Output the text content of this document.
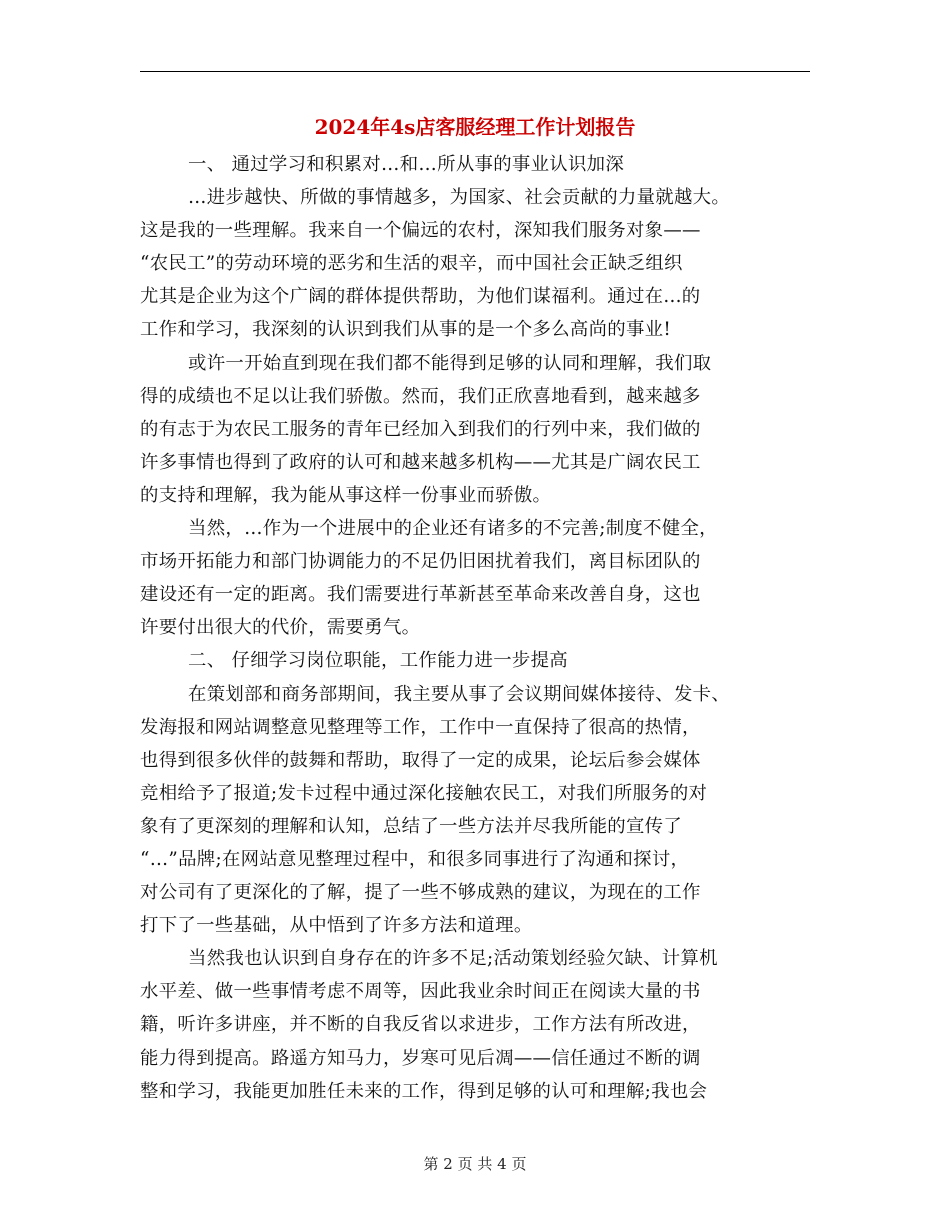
2024年4s店客服经理工作计划报告
一、 通过学习和积累对…和…所从事的事业认识加深
…进步越快、所做的事情越多，为国家、社会贡献的力量就越大。
这是我的一些理解。我来自一个偏远的农村，深知我们服务对象——
“农民工”的劳动环境的恶劣和生活的艰辛，而中国社会正缺乏组织
尤其是企业为这个广阔的群体提供帮助，为他们谋福利。通过在...的
工作和学习，我深刻的认识到我们从事的是一个多么高尚的事业!
或许一开始直到现在我们都不能得到足够的认同和理解，我们取
得的成绩也不足以让我们骄傲。然而，我们正欣喜地看到，越来越多
的有志于为农民工服务的青年已经加入到我们的行列中来，我们做的
许多事情也得到了政府的认可和越来越多机构——尤其是广阔农民工
的支持和理解，我为能从事这样一份事业而骄傲。
当然，…作为一个进展中的企业还有诸多的不完善;制度不健全，
市场开拓能力和部门协调能力的不足仍旧困扰着我们，离目标团队的
建设还有一定的距离。我们需要进行革新甚至革命来改善自身，这也
许要付出很大的代价，需要勇气。
二、 仔细学习岗位职能，工作能力进一步提高
在策划部和商务部期间，我主要从事了会议期间媒体接待、发卡、
发海报和网站调整意见整理等工作，工作中一直保持了很高的热情，
也得到很多伙伴的鼓舞和帮助，取得了一定的成果，论坛后参会媒体
竞相给予了报道;发卡过程中通过深化接触农民工，对我们所服务的对
象有了更深刻的理解和认知，总结了一些方法并尽我所能的宣传了
“…”品牌;在网站意见整理过程中，和很多同事进行了沟通和探讨，
对公司有了更深化的了解，提了一些不够成熟的建议，为现在的工作
打下了一些基础，从中悟到了许多方法和道理。
当然我也认识到自身存在的许多不足;活动策划经验欠缺、计算机
水平差、做一些事情考虑不周等，因此我业余时间正在阅读大量的书
籍，听许多讲座，并不断的自我反省以求进步，工作方法有所改进，
能力得到提高。路遥方知马力，岁寒可见后凋——信任通过不断的调
整和学习，我能更加胜任未来的工作，得到足够的认可和理解;我也会
第 2 页 共 4 页
